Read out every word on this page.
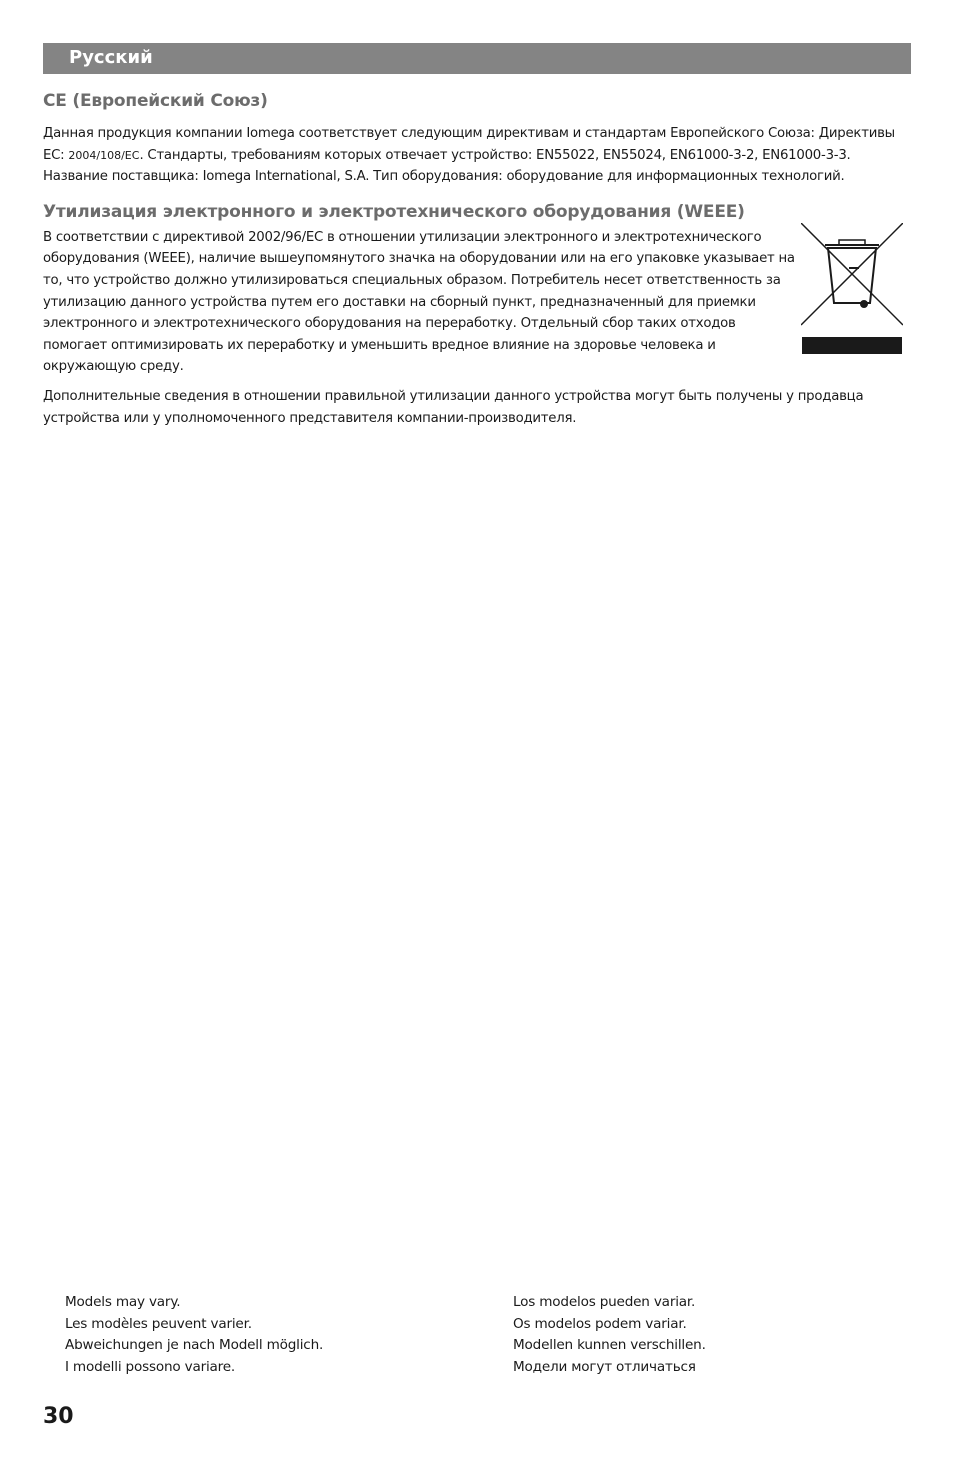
Русский
CE (Европейский Союз)

Данная продукция компании Iomega соответствует следующим директивам и стандартам Европейского Союза: Директивы EC: 2004/108/EC. Стандарты, требованиям которых отвечает устройство: EN55022, EN55024, EN61000-3-2, EN61000-3-3. Название поставщика: Iomega International, S.A. Тип оборудования: оборудование для информационных технологий.

Утилизация электронного и электротехнического оборудования (WEEE)

В соответствии с директивой 2002/96/EC в отношении утилизации электронного и электротехнического оборудования (WEEE), наличие вышеупомянутого значка на оборудовании или на его упаковке указывает на то, что устройство должно утилизироваться специальных образом. Потребитель несет ответственность за утилизацию данного устройства путем его доставки на сборный пункт, предназначенный для приемки электронного и электротехнического оборудования на переработку. Отдельный сбор таких отходов помогает оптимизировать их переработку и уменьшить вредное влияние на здоровье человека и окружающую среду.

Дополнительные сведения в отношении правильной утилизации данного устройства могут быть получены у продавца устройства или у уполномоченного представителя компании-производителя.

Models may vary.
Les modèles peuvent varier.
Abweichungen je nach Modell möglich.
I modelli possono variare.
Los modelos pueden variar.
Os modelos podem variar.
Modellen kunnen verschillen.
Модели могут отличаться
30
